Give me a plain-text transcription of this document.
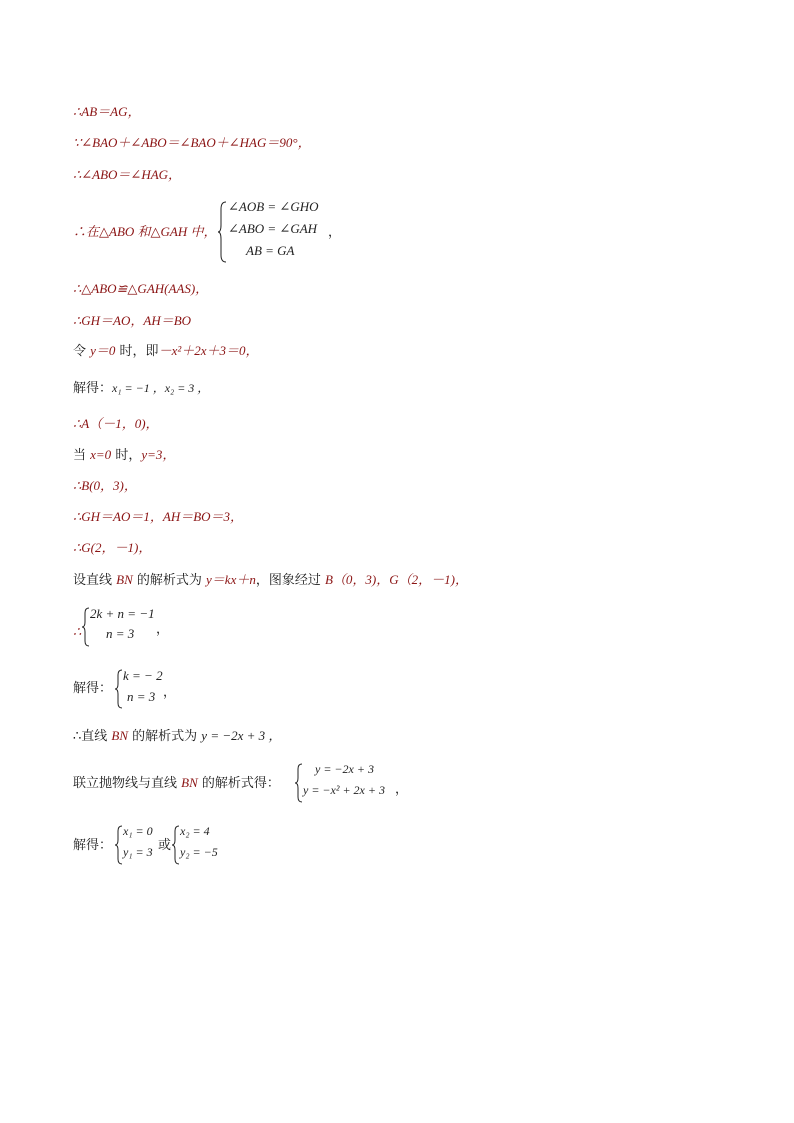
∴AB＝AG，
∵∠BAO＋∠ABO＝∠BAO＋∠HAG＝90°，
∴∠ABO＝∠HAG，
∴在△ABO 和△GAH 中，
∠AOB = ∠GHO
∠ABO = ∠GAH
AB = GA
，
∴△ABO≌△GAH(AAS)，
∴GH＝AO，AH＝BO
令 y＝0 时，即－x²＋2x＋3＝0，
解得：x₁ = −1 ，x₂ = 3 ，
∴A（－1，0)，
当 x=0 时，y=3，
∴B(0，3)，
∴GH＝AO＝1，AH＝BO＝3，
∴G(2，－1)，
设直线 BN 的解析式为 y＝kx＋n，图象经过 B（0，3)，G（2，－1)，
∴
2k + n = −1
n = 3 ，
解得：
k = − 2
n = 3 ，
∴直线 BN 的解析式为 y = −2x + 3 ，
联立抛物线与直线 BN 的解析式得：
y = −2x + 3
y = −x² + 2x + 3 ，
解得：
x₁ = 0
y₁ = 3 或
x₂ = 4
y₂ = −5
